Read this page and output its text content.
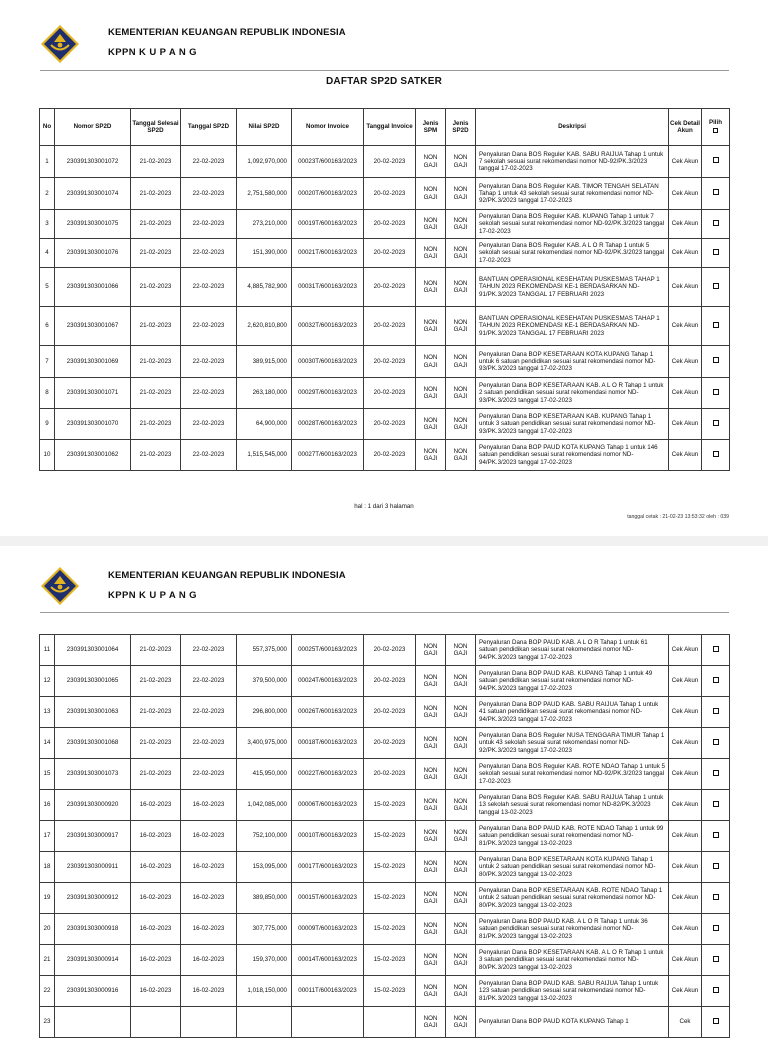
KEMENTERIAN KEUANGAN REPUBLIK INDONESIA
KPPN K U P A N G
DAFTAR SP2D SATKER
No	Nomor SP2D	Tanggal Selesai SP2D	Tanggal SP2D	Nilai SP2D	Nomor Invoice	Tanggal Invoice	Jenis SPM	Jenis SP2D	Deskripsi	Cek Detail Akun	Pilih

1	230391303001072	21-02-2023	22-02-2023	1,092,970,000	00023T/600163/2023	20-02-2023	NON GAJI	NON GAJI	Penyaluran Dana BOS Reguler KAB. SABU RAIJUA Tahap 1 untuk 7 sekolah sesuai surat rekomendasi nomor ND-92/PK.3/2023 tanggal 17-02-2023	Cek Akun	
2	230391303001074	21-02-2023	22-02-2023	2,751,580,000	00020T/600163/2023	20-02-2023	NON GAJI	NON GAJI	Penyaluran Dana BOS Reguler KAB. TIMOR TENGAH SELATAN Tahap 1 untuk 43 sekolah sesuai surat rekomendasi nomor ND-92/PK.3/2023 tanggal 17-02-2023	Cek Akun	
3	230391303001075	21-02-2023	22-02-2023	273,210,000	00019T/600163/2023	20-02-2023	NON GAJI	NON GAJI	Penyaluran Dana BOS Reguler KAB. KUPANG Tahap 1 untuk 7 sekolah sesuai surat rekomendasi nomor ND-92/PK.3/2023 tanggal 17-02-2023	Cek Akun	
4	230391303001076	21-02-2023	22-02-2023	151,390,000	00021T/600163/2023	20-02-2023	NON GAJI	NON GAJI	Penyaluran Dana BOS Reguler KAB. A L O R Tahap 1 untuk 5 sekolah sesuai surat rekomendasi nomor ND-92/PK.3/2023 tanggal 17-02-2023	Cek Akun	
5	230391303001066	21-02-2023	22-02-2023	4,885,782,900	00031T/600163/2023	20-02-2023	NON GAJI	NON GAJI	BANTUAN OPERASIONAL KESEHATAN PUSKESMAS TAHAP 1 TAHUN 2023 REKOMENDASI KE-1 BERDASARKAN ND-91/PK.3/2023 TANGGAL 17 FEBRUARI 2023	Cek Akun	
6	230391303001067	21-02-2023	22-02-2023	2,620,810,800	00032T/600163/2023	20-02-2023	NON GAJI	NON GAJI	BANTUAN OPERASIONAL KESEHATAN PUSKESMAS TAHAP 1 TAHUN 2023 REKOMENDASI KE-1 BERDASARKAN ND-91/PK.3/2023 TANGGAL 17 FEBRUARI 2023	Cek Akun	
7	230391303001069	21-02-2023	22-02-2023	389,915,000	00030T/600163/2023	20-02-2023	NON GAJI	NON GAJI	Penyaluran Dana BOP KESETARAAN KOTA KUPANG Tahap 1 untuk 6 satuan pendidikan sesuai surat rekomendasi nomor ND-93/PK.3/2023 tanggal 17-02-2023	Cek Akun	
8	230391303001071	21-02-2023	22-02-2023	263,180,000	00029T/600163/2023	20-02-2023	NON GAJI	NON GAJI	Penyaluran Dana BOP KESETARAAN KAB. A L O R Tahap 1 untuk 2 satuan pendidikan sesuai surat rekomendasi nomor ND-93/PK.3/2023 tanggal 17-02-2023	Cek Akun	
9	230391303001070	21-02-2023	22-02-2023	64,900,000	00028T/600163/2023	20-02-2023	NON GAJI	NON GAJI	Penyaluran Dana BOP KESETARAAN KAB. KUPANG Tahap 1 untuk 3 satuan pendidikan sesuai surat rekomendasi nomor ND-93/PK.3/2023 tanggal 17-02-2023	Cek Akun	
10	230391303001062	21-02-2023	22-02-2023	1,515,545,000	00027T/600163/2023	20-02-2023	NON GAJI	NON GAJI	Penyaluran Dana BOP PAUD KOTA KUPANG Tahap 1 untuk 146 satuan pendidikan sesuai surat rekomendasi nomor ND-94/PK.3/2023 tanggal 17-02-2023	Cek Akun	
hal : 1 dari 3 halaman
tanggal cetak : 21-02-23 13:53:32 oleh : 039
KEMENTERIAN KEUANGAN REPUBLIK INDONESIA
KPPN K U P A N G
11	230391303001064	21-02-2023	22-02-2023	557,375,000	00025T/600163/2023	20-02-2023	NON GAJI	NON GAJI	Penyaluran Dana BOP PAUD KAB. A L O R Tahap 1 untuk 61 satuan pendidikan sesuai surat rekomendasi nomor ND-94/PK.3/2023 tanggal 17-02-2023	Cek Akun	
12	230391303001065	21-02-2023	22-02-2023	379,500,000	00024T/600163/2023	20-02-2023	NON GAJI	NON GAJI	Penyaluran Dana BOP PAUD KAB. KUPANG Tahap 1 untuk 49 satuan pendidikan sesuai surat rekomendasi nomor ND-94/PK.3/2023 tanggal 17-02-2023	Cek Akun	
13	230391303001063	21-02-2023	22-02-2023	296,800,000	00026T/600163/2023	20-02-2023	NON GAJI	NON GAJI	Penyaluran Dana BOP PAUD KAB. SABU RAIJUA Tahap 1 untuk 41 satuan pendidikan sesuai surat rekomendasi nomor ND-94/PK.3/2023 tanggal 17-02-2023	Cek Akun	
14	230391303001068	21-02-2023	22-02-2023	3,400,975,000	00018T/600163/2023	20-02-2023	NON GAJI	NON GAJI	Penyaluran Dana BOS Reguler NUSA TENGGARA TIMUR Tahap 1 untuk 43 sekolah sesuai surat rekomendasi nomor ND-92/PK.3/2023 tanggal 17-02-2023	Cek Akun	
15	230391303001073	21-02-2023	22-02-2023	415,950,000	00022T/600163/2023	20-02-2023	NON GAJI	NON GAJI	Penyaluran Dana BOS Reguler KAB. ROTE NDAO Tahap 1 untuk 5 sekolah sesuai surat rekomendasi nomor ND-92/PK.3/2023 tanggal 17-02-2023	Cek Akun	
16	230391303000920	16-02-2023	16-02-2023	1,042,085,000	00006T/600163/2023	15-02-2023	NON GAJI	NON GAJI	Penyaluran Dana BOS Reguler KAB. SABU RAIJUA Tahap 1 untuk 13 sekolah sesuai surat rekomendasi nomor ND-82/PK.3/2023 tanggal 13-02-2023	Cek Akun	
17	230391303000917	16-02-2023	16-02-2023	752,100,000	00010T/600163/2023	15-02-2023	NON GAJI	NON GAJI	Penyaluran Dana BOP PAUD KAB. ROTE NDAO Tahap 1 untuk 99 satuan pendidikan sesuai surat rekomendasi nomor ND-81/PK.3/2023 tanggal 13-02-2023	Cek Akun	
18	230391303000911	16-02-2023	16-02-2023	153,095,000	00017T/600163/2023	15-02-2023	NON GAJI	NON GAJI	Penyaluran Dana BOP KESETARAAN KOTA KUPANG Tahap 1 untuk 2 satuan pendidikan sesuai surat rekomendasi nomor ND-80/PK.3/2023 tanggal 13-02-2023	Cek Akun	
19	230391303000912	16-02-2023	16-02-2023	389,850,000	00015T/600163/2023	15-02-2023	NON GAJI	NON GAJI	Penyaluran Dana BOP KESETARAAN KAB. ROTE NDAO Tahap 1 untuk 2 satuan pendidikan sesuai surat rekomendasi nomor ND-80/PK.3/2023 tanggal 13-02-2023	Cek Akun	
20	230391303000918	16-02-2023	16-02-2023	307,775,000	00009T/600163/2023	15-02-2023	NON GAJI	NON GAJI	Penyaluran Dana BOP PAUD KAB. A L O R Tahap 1 untuk 36 satuan pendidikan sesuai surat rekomendasi nomor ND-81/PK.3/2023 tanggal 13-02-2023	Cek Akun	
21	230391303000914	16-02-2023	16-02-2023	159,370,000	00014T/600163/2023	15-02-2023	NON GAJI	NON GAJI	Penyaluran Dana BOP KESETARAAN KAB. A L O R Tahap 1 untuk 3 satuan pendidikan sesuai surat rekomendasi nomor ND-80/PK.3/2023 tanggal 13-02-2023	Cek Akun	
22	230391303000916	16-02-2023	16-02-2023	1,018,150,000	00011T/600163/2023	15-02-2023	NON GAJI	NON GAJI	Penyaluran Dana BOP PAUD KAB. SABU RAIJUA Tahap 1 untuk 123 satuan pendidikan sesuai surat rekomendasi nomor ND-81/PK.3/2023 tanggal 13-02-2023	Cek Akun	
23							NON GAJI	NON GAJI	Penyaluran Dana BOP PAUD KOTA KUPANG Tahap 1	Cek	
